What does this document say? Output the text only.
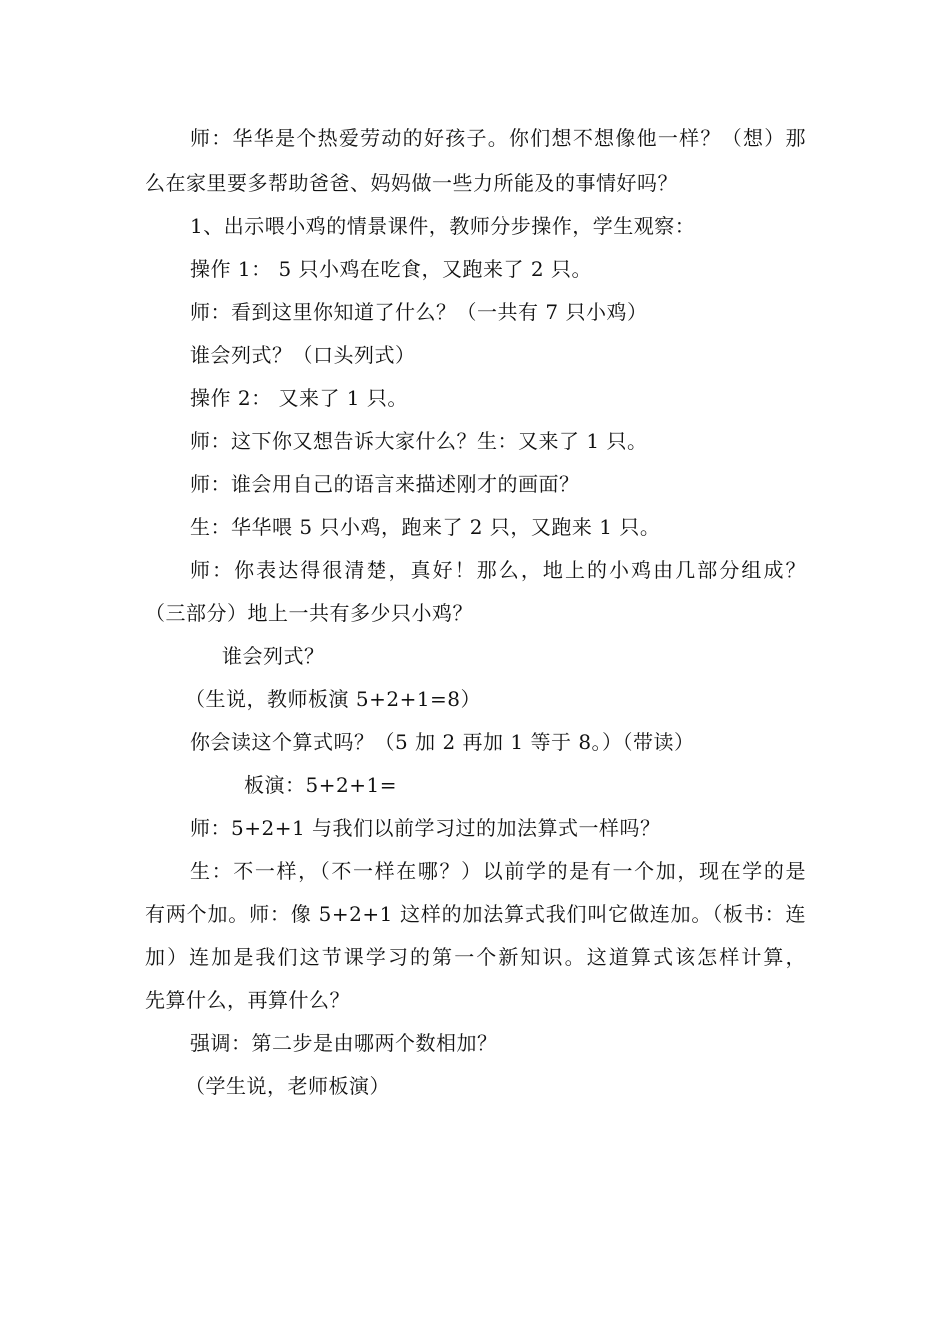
师：华华是个热爱劳动的好孩子。你们想不想像他一样？（想）那
么在家里要多帮助爸爸、妈妈做一些力所能及的事情好吗？
1、出示喂小鸡的情景课件，教师分步操作，学生观察：
操作 1： 5 只小鸡在吃食，又跑来了 2 只。
师：看到这里你知道了什么？（一共有 7 只小鸡）
谁会列式？（口头列式）
操作 2： 又来了 1 只。
师：这下你又想告诉大家什么？生：又来了 1 只。
师：谁会用自己的语言来描述刚才的画面？
生：华华喂 5 只小鸡，跑来了 2 只，又跑来 1 只。
师：你表达得很清楚，真好！那么，地上的小鸡由几部分组成？
（三部分）地上一共有多少只小鸡？
谁会列式？
（生说，教师板演 5+2+1=8）
你会读这个算式吗？（5 加 2 再加 1 等于 8。）（带读）
板演：5+2+1=
师：5+2+1 与我们以前学习过的加法算式一样吗？
生：不一样，（不一样在哪？）以前学的是有一个加，现在学的是
有两个加。师：像 5+2+1 这样的加法算式我们叫它做连加。（板书：连
加）连加是我们这节课学习的第一个新知识。这道算式该怎样计算，
先算什么，再算什么？
强调：第二步是由哪两个数相加？
（学生说，老师板演）
